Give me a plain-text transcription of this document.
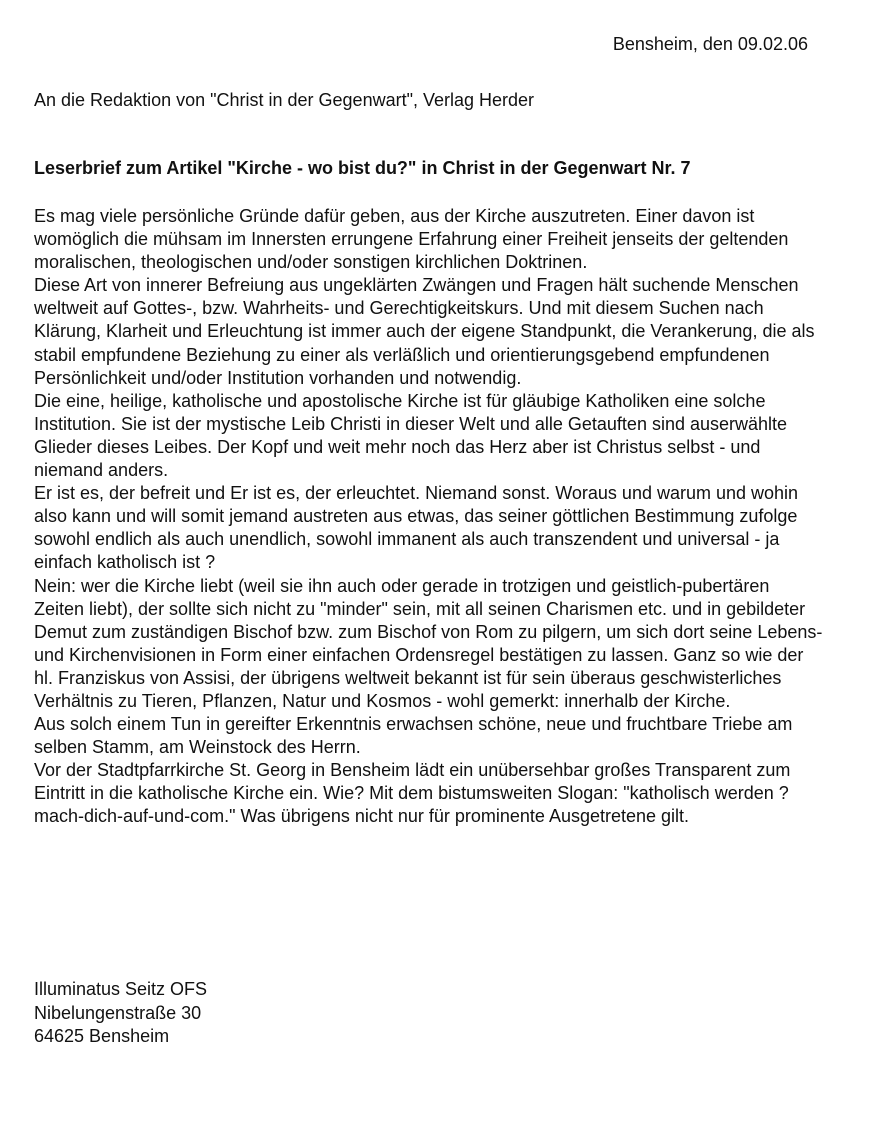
Bensheim, den 09.02.06
An die Redaktion von "Christ in der Gegenwart", Verlag Herder
Leserbrief zum Artikel "Kirche - wo bist du?" in Christ in der Gegenwart Nr. 7

Es mag viele persönliche Gründe dafür geben, aus der Kirche auszutreten. Einer davon ist womöglich die mühsam im Innersten errungene Erfahrung einer Freiheit jenseits der geltenden moralischen, theologischen und/oder sonstigen kirchlichen Doktrinen.

Diese Art von innerer Befreiung aus ungeklärten Zwängen und Fragen hält suchende Menschen weltweit auf Gottes-, bzw. Wahrheits- und Gerechtigkeitskurs. Und mit diesem Suchen nach Klärung, Klarheit und Erleuchtung ist immer auch der eigene Standpunkt, die Verankerung, die als stabil empfundene Beziehung zu einer als verläßlich und orientierungsgebend empfundenen Persönlichkeit und/oder Institution vorhanden und notwendig.

Die eine, heilige, katholische und apostolische Kirche ist für gläubige Katholiken eine solche Institution. Sie ist der mystische Leib Christi in dieser Welt und alle Getauften sind auserwählte Glieder dieses Leibes. Der Kopf und weit mehr noch das Herz aber ist Christus selbst - und niemand anders.

Er ist es, der befreit und Er ist es, der erleuchtet. Niemand sonst. Woraus und warum und wohin also kann und will somit jemand austreten aus etwas, das seiner göttlichen Bestimmung zufolge sowohl endlich als auch unendlich, sowohl immanent als auch transzendent und universal - ja einfach katholisch ist ?

Nein: wer die Kirche liebt (weil sie ihn auch oder gerade in trotzigen und geistlich-pubertären Zeiten liebt), der sollte sich nicht zu "minder" sein, mit all seinen Charismen etc. und in gebildeter Demut zum zuständigen Bischof bzw. zum Bischof von Rom zu pilgern, um sich dort seine Lebens- und Kirchenvisionen in Form einer einfachen Ordensregel bestätigen zu lassen. Ganz so wie der hl. Franziskus von Assisi, der übrigens weltweit bekannt ist für sein überaus geschwisterliches Verhältnis zu Tieren, Pflanzen, Natur und Kosmos - wohl gemerkt: innerhalb der Kirche.

Aus solch einem Tun in gereifter Erkenntnis erwachsen schöne, neue und fruchtbare Triebe am selben Stamm, am Weinstock des Herrn.

Vor der Stadtpfarrkirche St. Georg in Bensheim lädt ein unübersehbar großes Transparent zum Eintritt in die katholische Kirche ein. Wie? Mit dem bistumsweiten Slogan: "katholisch werden ? mach-dich-auf-und-com." Was übrigens nicht nur für prominente Ausgetretene gilt.

Illuminatus Seitz OFS
Nibelungenstraße 30
64625 Bensheim
